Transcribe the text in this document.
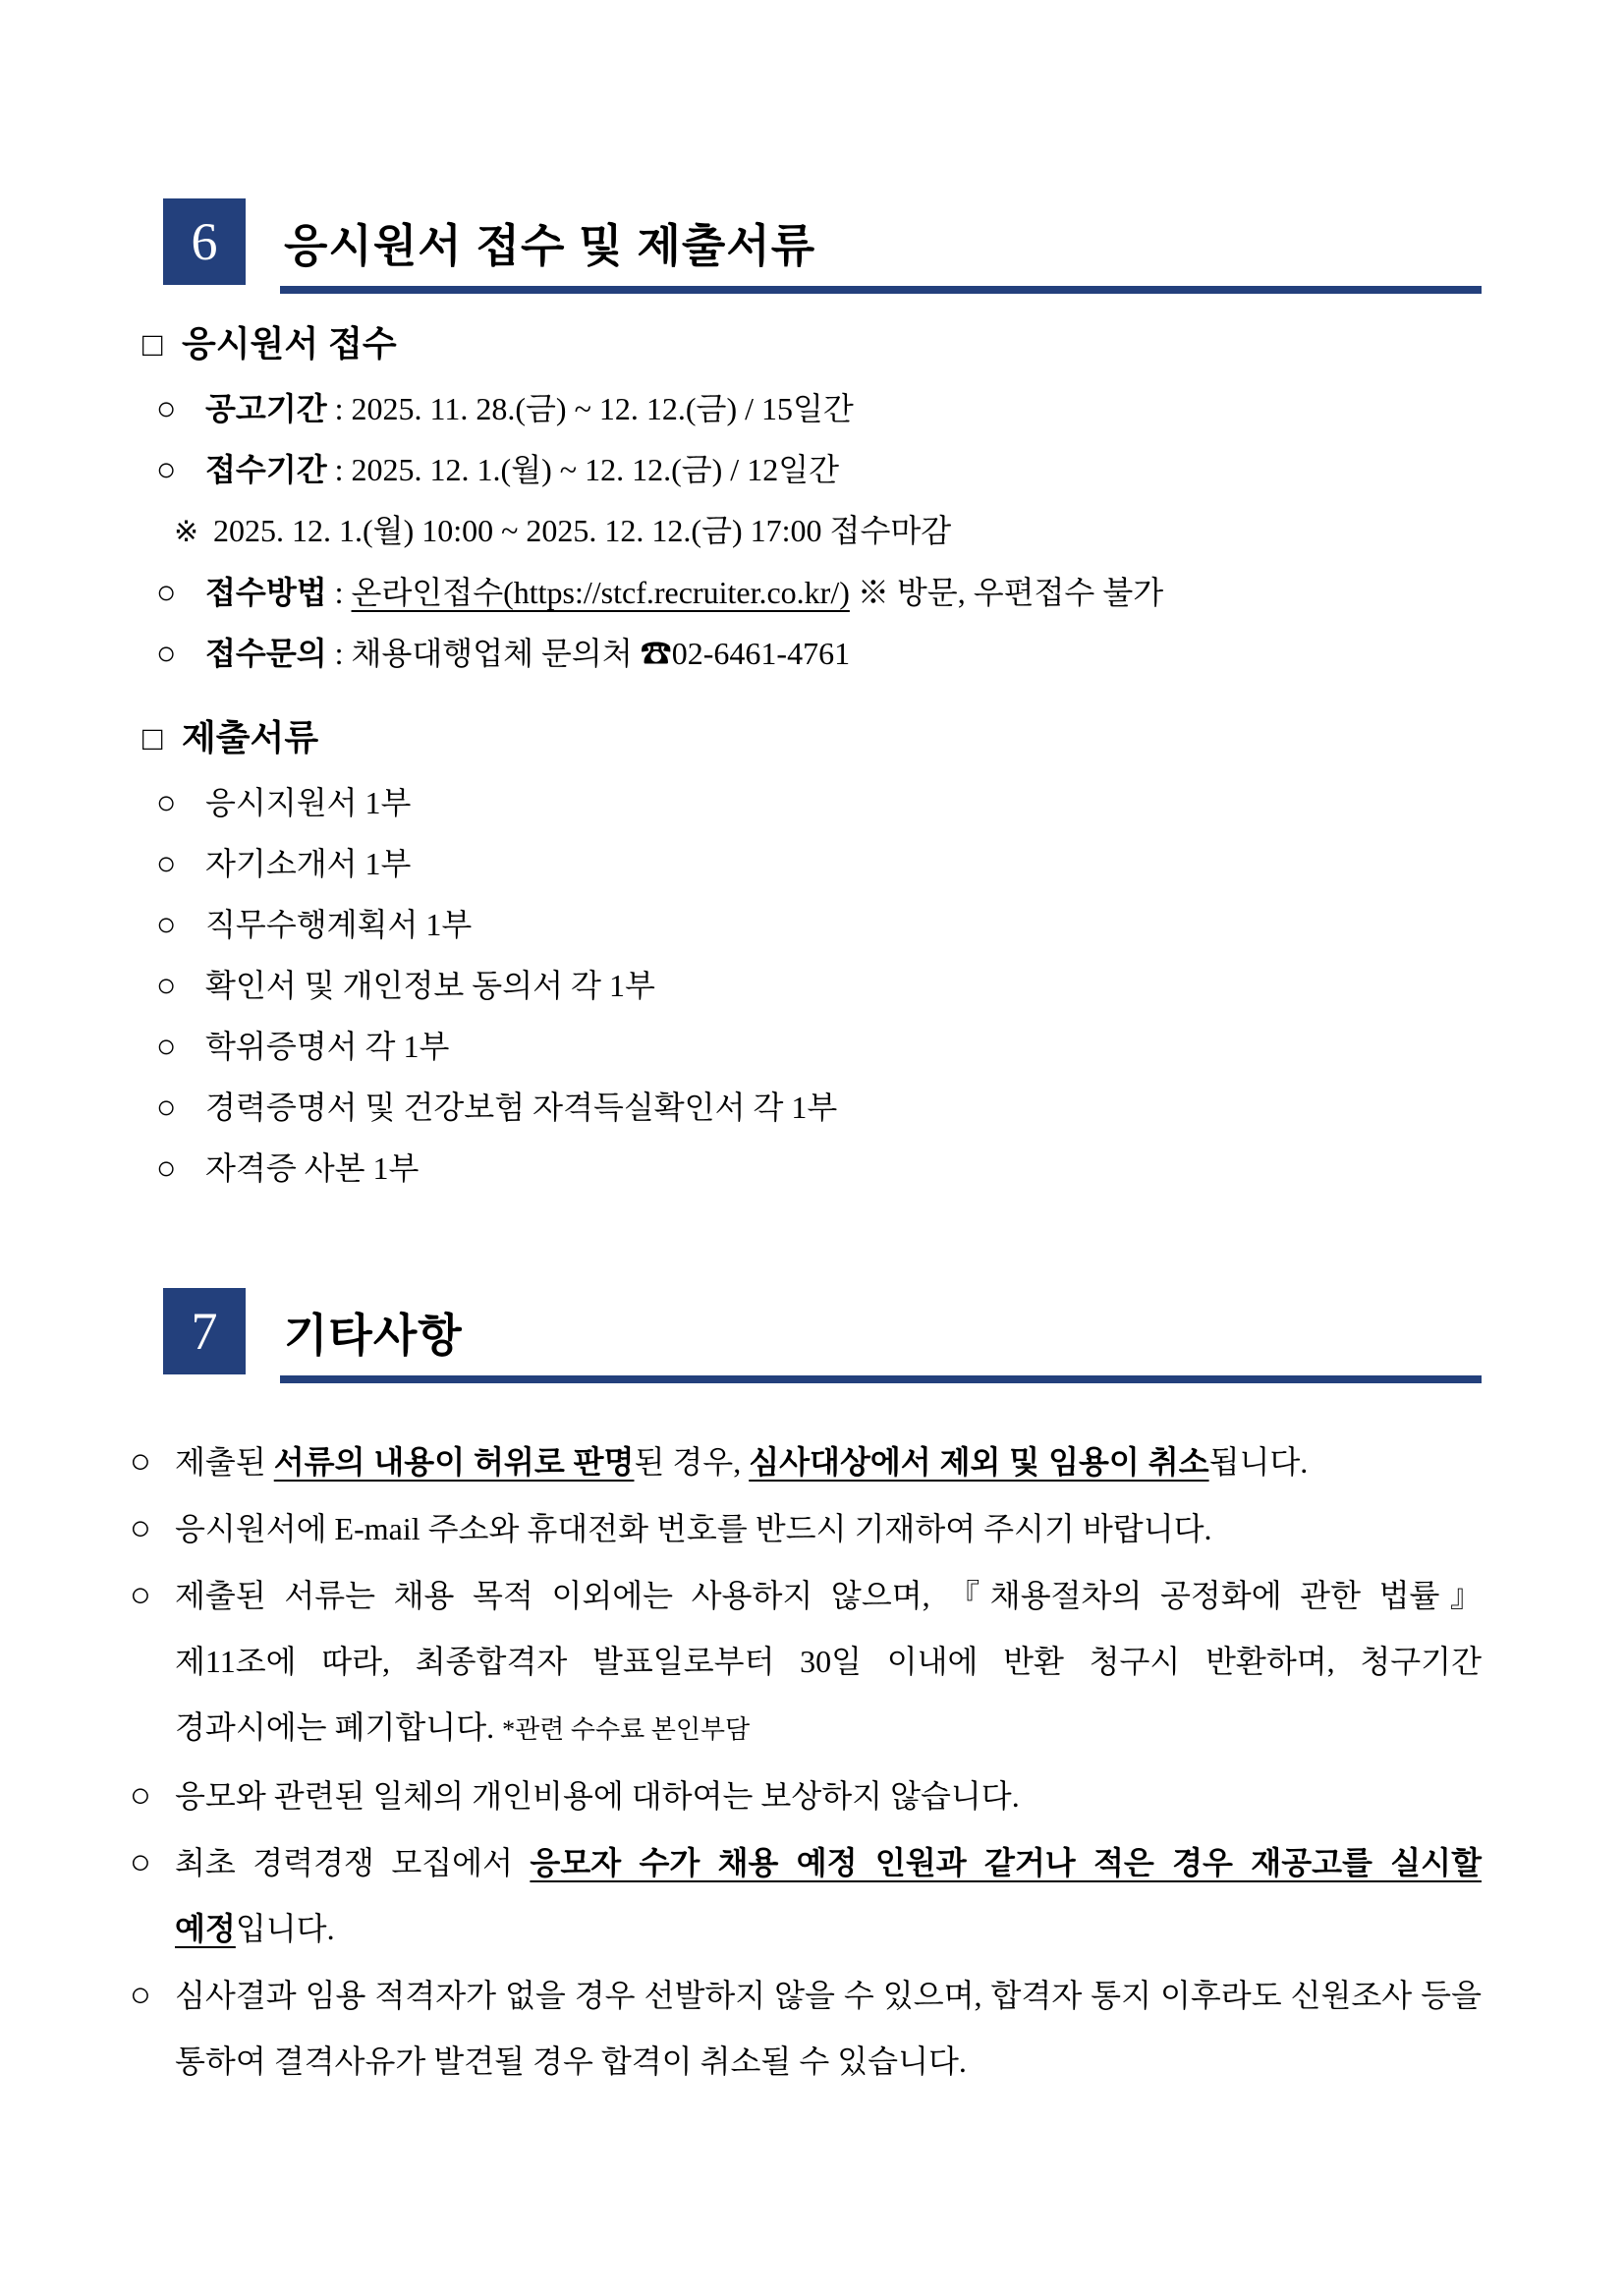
6	응시원서 접수 및 제출서류
□ 응시원서 접수
○ 공고기간 : 2025. 11. 28.(금) ~ 12. 12.(금) / 15일간
○ 접수기간 : 2025. 12. 1.(월) ~ 12. 12.(금) / 12일간
※ 2025. 12. 1.(월) 10:00 ~ 2025. 12. 12.(금) 17:00 접수마감
○ 접수방법 : 온라인접수(https://stcf.recruiter.co.kr/) ※ 방문, 우편접수 불가
○ 접수문의 : 채용대행업체 문의처 ☎02-6461-4761
□ 제출서류
○ 응시지원서 1부
○ 자기소개서 1부
○ 직무수행계획서 1부
○ 확인서 및 개인정보 동의서 각 1부
○ 학위증명서 각 1부
○ 경력증명서 및 건강보험 자격득실확인서 각 1부
○ 자격증 사본 1부
7	기타사항
○ 제출된 서류의 내용이 허위로 판명된 경우, 심사대상에서 제외 및 임용이 취소됩니다.
○ 응시원서에 E-mail 주소와 휴대전화 번호를 반드시 기재하여 주시기 바랍니다.
○ 제출된 서류는 채용 목적 이외에는 사용하지 않으며, 『채용절차의 공정화에 관한 법률』 제11조에 따라, 최종합격자 발표일로부터 30일 이내에 반환 청구시 반환하며, 청구기간 경과시에는 폐기합니다. *관련 수수료 본인부담
○ 응모와 관련된 일체의 개인비용에 대하여는 보상하지 않습니다.
○ 최초 경력경쟁 모집에서 응모자 수가 채용 예정 인원과 같거나 적은 경우 재공고를 실시할 예정입니다.
○ 심사결과 임용 적격자가 없을 경우 선발하지 않을 수 있으며, 합격자 통지 이후라도 신원조사 등을 통하여 결격사유가 발견될 경우 합격이 취소될 수 있습니다.
